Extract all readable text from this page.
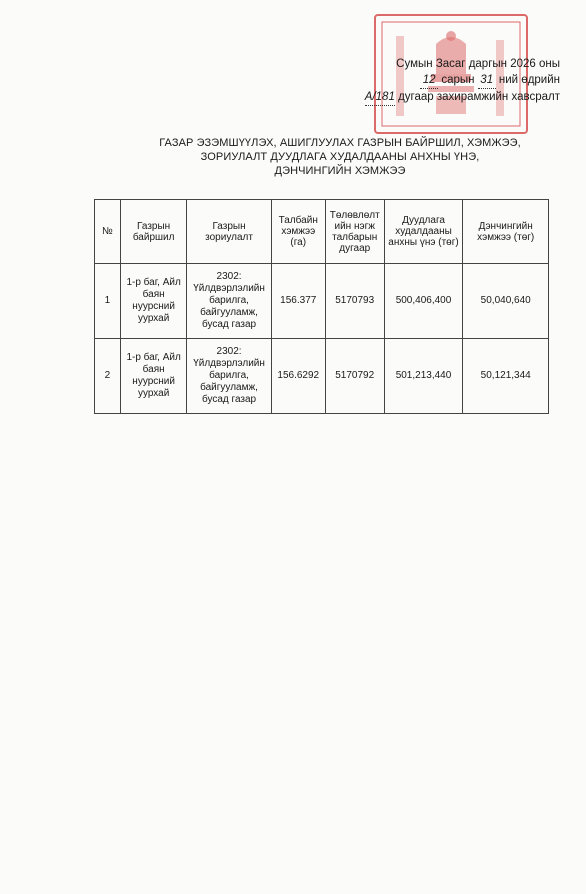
Сумын Засаг даргын 2026 оны
12 сарын 31 ний өдрийн
А/181 дугаар захирамжийн хавсралт
ГАЗАР ЭЗЭМШҮҮЛЭХ, АШИГЛУУЛАХ ГАЗРЫН БАЙРШИЛ, ХЭМЖЭЭ,
ЗОРИУЛАЛТ ДУУДЛАГА ХУДАЛДААНЫ АНХНЫ ҮНЭ,
ДЭНЧИНГИЙН ХЭМЖЭЭ
№	Газрын байршил	Газрын зориулалт	Талбайн хэмжээ (га)	Төлөвлөлт ийн нэгж талбарын дугаар	Дуудлага худалдааны анхны үнэ (төг)	Дэнчингийн хэмжээ (төг)
1	1-р баг, Айл баян нуурсний уурхай	2302: Үйлдвэрлэлийн барилга, байгууламж, бусад газар	156.377	5170793	500,406,400	50,040,640
2	1-р баг, Айл баян нуурсний уурхай	2302: Үйлдвэрлэлийн барилга, байгууламж, бусад газар	156.6292	5170792	501,213,440	50,121,344
